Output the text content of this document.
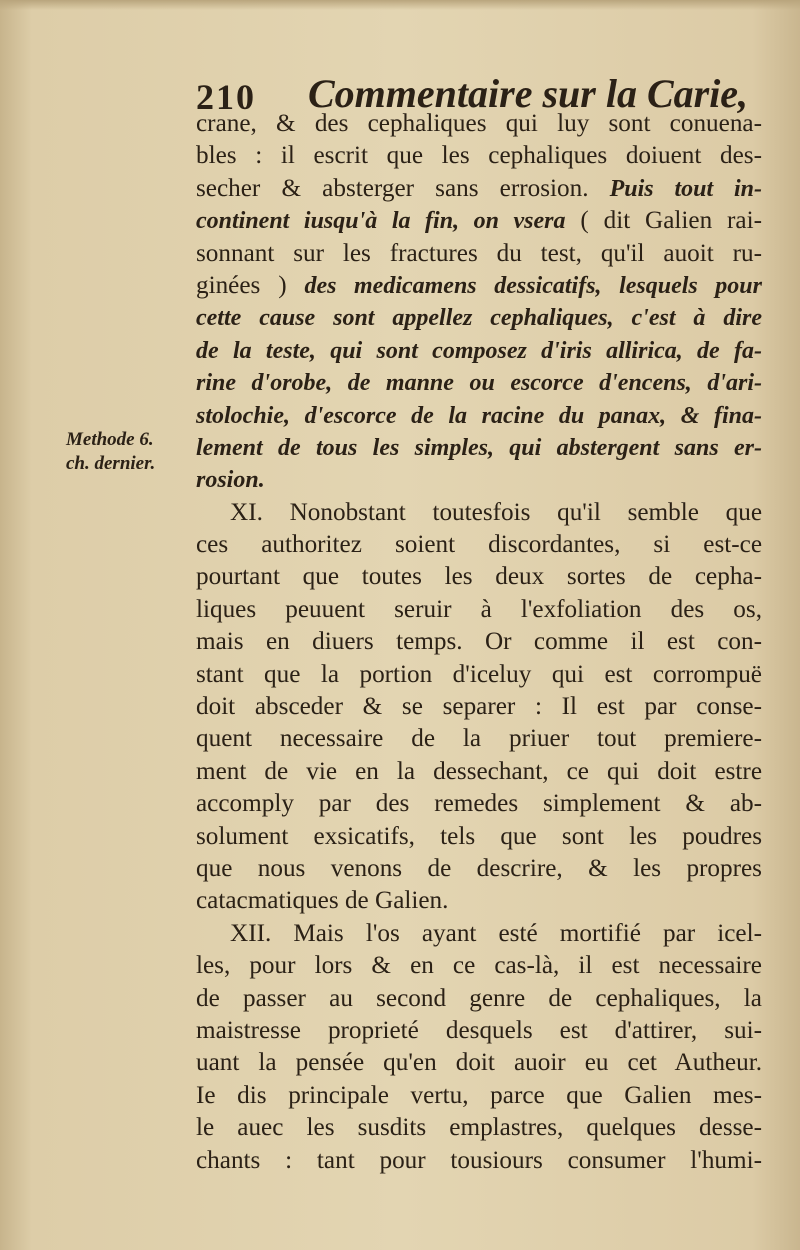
210 Commentaire sur la Carie,
Methode 6.
ch. dernier.
crane, & des cephaliques qui luy sont conuena-
bles : il escrit que les cephaliques doiuent des-
secher & absterger sans errosion. Puis tout in-
continent iusqu'à la fin, on vsera ( dit Galien rai-
sonnant sur les fractures du test, qu'il auoit ru-
ginées ) des medicamens dessicatifs, lesquels pour
cette cause sont appellez cephaliques, c'est à dire
de la teste, qui sont composez d'iris allirica, de fa-
rine d'orobe, de manne ou escorce d'encens, d'ari-
stolochie, d'escorce de la racine du panax, & fina-
lement de tous les simples, qui abstergent sans er-
rosion.
XI. Nonobstant toutesfois qu'il semble que
ces authoritez soient discordantes, si est-ce
pourtant que toutes les deux sortes de cepha-
liques peuuent seruir à l'exfoliation des os,
mais en diuers temps. Or comme il est con-
stant que la portion d'iceluy qui est corrompuë
doit absceder & se separer : Il est par conse-
quent necessaire de la priuer tout premiere-
ment de vie en la dessechant, ce qui doit estre
accomply par des remedes simplement & ab-
solument exsicatifs, tels que sont les poudres
que nous venons de descrire, & les propres
catacmatiques de Galien.
XII. Mais l'os ayant esté mortifié par icel-
les, pour lors & en ce cas-là, il est necessaire
de passer au second genre de cephaliques, la
maistresse proprieté desquels est d'attirer, sui-
uant la pensée qu'en doit auoir eu cet Autheur.
Ie dis principale vertu, parce que Galien mes-
le auec les susdits emplastres, quelques desse-
chants : tant pour tousiours consumer l'humi-
